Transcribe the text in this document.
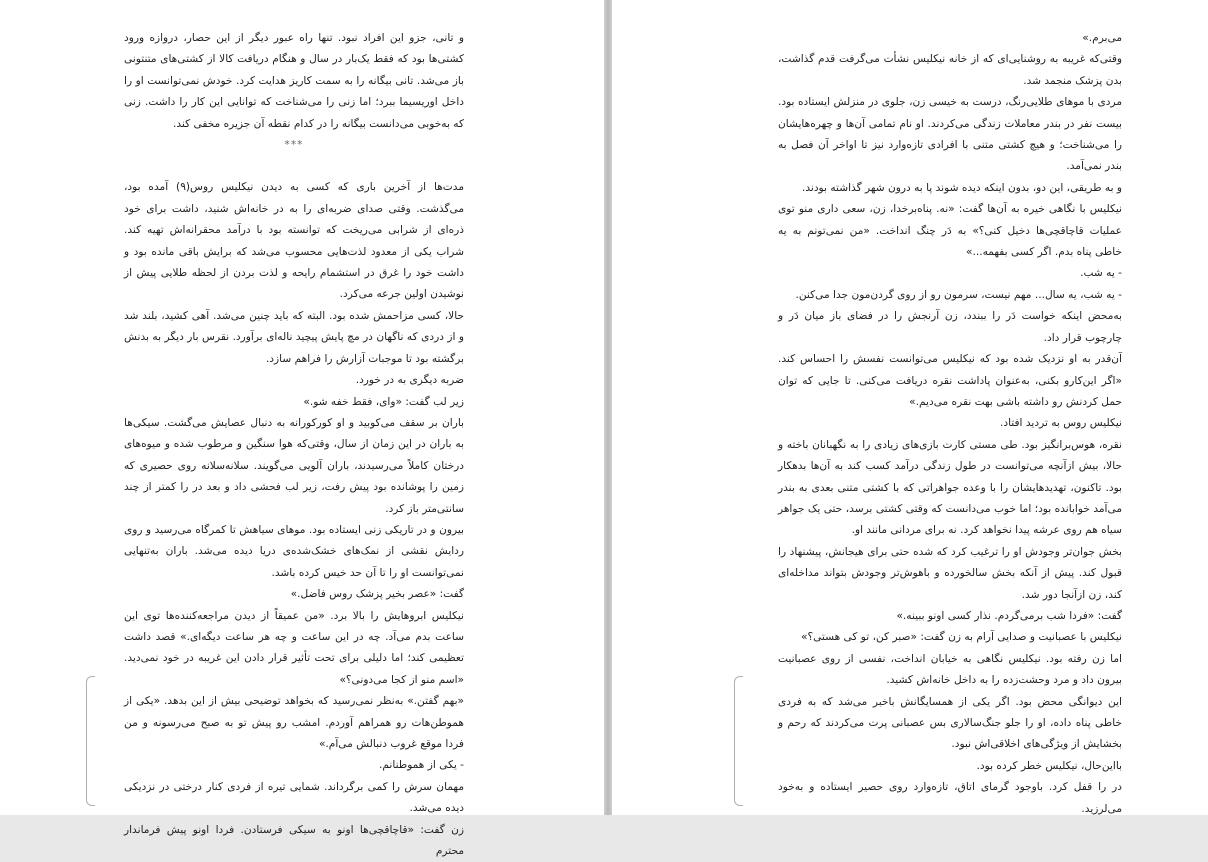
و تانی، جزو این افراد نبود. تنها راه عبور دیگر از این حصار، دروازه ورود کشتی‌ها بود که فقط یک‌بار در سال و هنگام دریافت کالا از کشتی‌های متنتونی باز می‌شد. تانی بیگانه را به سمت کاریز هدایت کرد. خودش نمی‌توانست او را داخل اوریسیما ببرد؛ اما زنی را می‌شناخت که توانایی این کار را داشت. زنی که به‌خوبی می‌دانست بیگانه را در کدام نقطه آن جزیره مخفی کند.

***

مدت‌ها از آخرین باری که کسی به دیدن نیکلیس روس(۹) آمده بود، می‌گذشت. وقتی صدای ضربه‌ای را به در خانه‌اش شنید، داشت برای خود ذره‌ای از شرابی می‌ریخت که توانسته بود با درآمد محقرانه‌اش تهیه کند. شراب یکی از معدود لذت‌هایی محسوب می‌شد که برایش باقی مانده بود و داشت خود را غرق در استشمام رایحه و لذت بردن از لحظه طلایی پیش از نوشیدن اولین جرعه می‌کرد.

حالا، کسی مزاحمش شده بود. البته که باید چنین می‌شد. آهی کشید، بلند شد و از دردی که ناگهان در مچ پایش پیچید ناله‌ای برآورد. نقرس بار دیگر به بدنش برگشته بود تا موجبات آزارش را فراهم سازد.

ضربه دیگری به در خورد.

زیر لب گفت: «وای، فقط خفه شو.»

باران بر سقف می‌کوبید و او کورکورانه به دنبال عصایش می‌گشت. سیکی‌ها به باران در این زمان از سال، وقتی‌که هوا سنگین و مرطوب شده و میوه‌های درختان کاملاً می‌رسیدند، باران آلویی می‌گویند. سلانه‌سلانه روی حصیری که زمین را پوشانده بود پیش رفت، زیر لب فحشی داد و بعد در را کمتر از چند سانتی‌متر باز کرد.

بیرون و در تاریکی زنی ایستاده بود. موهای سیاهش تا کمرگاه می‌رسید و روی ردایش نقشی از نمک‌های خشک‌شده‌ی دریا دیده می‌شد. باران به‌تنهایی نمی‌توانست او را تا آن حد خیس کرده باشد.

گفت: «عصر بخیر پزشک روس فاضل.»

نیکلیس ابروهایش را بالا برد. «من عمیقاً از دیدن مراجعه‌کننده‌ها توی این ساعت بدم می‌آد. چه در این ساعت و چه هر ساعت دیگه‌ای.» قصد داشت تعظیمی کند؛ اما دلیلی برای تحت تأثیر قرار دادن این غریبه در خود نمی‌دید. «اسم منو از کجا می‌دونی؟»

«بهم گفتن.» به‌نظر نمی‌رسید که بخواهد توضیحی بیش از این بدهد. «یکی از هموطن‌هات رو همراهم آوردم. امشب رو پیش تو به صبح می‌رسونه و من فردا موقع غروب دنبالش می‌آم.»

- یکی از هموطنانم.

مهمان سرش را کمی برگرداند. شمایی تیره از فردی کنار درختی در نزدیکی دیده می‌شد.

زن گفت: «قاچاقچی‌ها اونو به سیکی فرستادن. فردا اونو پیش فرماندار محترم

می‌برم.»

وقتی‌که غریبه به روشنایی‌ای که از خانه نیکلیس نشأت می‌گرفت قدم گذاشت، بدن پزشک منجمد شد.

مردی با موهای طلایی‌رنگ، درست به خیسی زن، جلوی در منزلش ایستاده بود. بیست نفر در بندر معاملات زندگی می‌کردند. او نام تمامی آن‌ها و چهره‌هایشان را می‌شناخت؛ و هیچ کشتی متنی با افرادی تازه‌وارد نیز تا اواخر آن فصل به بندر نمی‌آمد.

و به طریقی، این دو، بدون اینکه دیده شوند پا به درون شهر گذاشته بودند.

نیکلیس با نگاهی خیره به آن‌ها گفت: «نه. پناه‌برخدا، زن، سعی داری منو توی عملیات قاچاقچی‌ها دخیل کنی؟» به دَر چنگ انداخت. «من نمی‌تونم به یه خاطی پناه بدم. اگر کسی بفهمه...»

- یه شب.

- یه شب، یه سال... مهم نیست، سرمون رو از روی گردن‌مون جدا می‌کنن.

به‌محض اینکه خواست دَر را ببندد، زن آرنجش را در فضای باز میان دَر و چارچوب قرار داد.

آن‌قدر به او نزدیک شده بود که نیکلیس می‌توانست نفسش را احساس کند. «اگر این‌کارو بکنی، به‌عنوان پاداشت نقره دریافت می‌کنی. تا جایی که توان حمل کردنش رو داشته باشی بهت نقره می‌دیم.»

نیکلیس روس به تردید افتاد.

نقره، هوس‌برانگیز بود. طی مستی کارت بازی‌های زیادی را به نگهبانان باخته و حالا، بیش ازآنچه می‌توانست در طول زندگی درآمد کسب کند به آن‌ها بدهکار بود. تاکنون، تهدیدهایشان را با وعده جواهراتی که با کشتی متنی بعدی به بندر می‌آمد خوابانده بود؛ اما خوب می‌دانست که وقتی کشتی برسد، حتی یک جواهر سیاه هم روی عرشه پیدا نخواهد کرد. نه برای مردانی مانند او.

بخش جوان‌تر وجودش او را ترغیب کرد که شده حتی برای هیجانش، پیشنهاد را قبول کند. پیش از آنکه بخش سالخورده و باهوش‌تر وجودش بتواند مداخله‌ای کند، زن ازآنجا دور شد.

گفت: «فردا شب برمی‌گردم. نذار کسی اونو ببینه.»

نیکلیس با عصبانیت و صدایی آرام به زن گفت: «صبر کن، تو کی هستی؟»

اما زن رفته بود. نیکلیس نگاهی به خیابان انداخت، نفسی از روی عصبانیت بیرون داد و مرد وحشت‌زده را به داخل خانه‌اش کشید.

این دیوانگی محض بود. اگر یکی از همسایگانش باخبر می‌شد که به فردی خاطی پناه داده، او را جلو جنگ‌سالاری بس عصبانی پرت می‌کردند که رحم و بخشایش از ویژگی‌های اخلاقی‌اش نبود.

بااین‌حال، نیکلیس خطر کرده بود.

در را قفل کرد. باوجود گرمای اتاق، تازه‌وارد روی حصیر ایستاده و به‌خود می‌لرزید.
